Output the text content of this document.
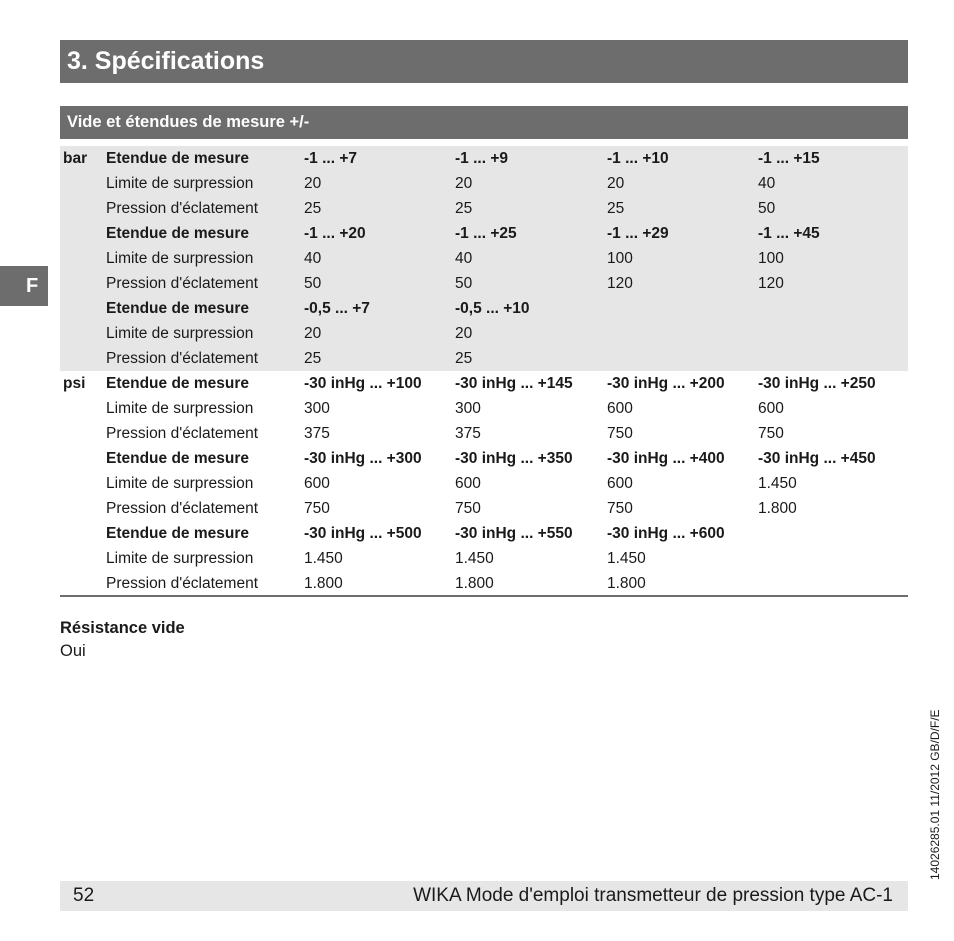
3. Spécifications
F
Vide et étendues de mesure +/-
bar	Etendue de mesure	-1 ... +7	-1 ... +9	-1 ... +10	-1 ... +15
	Limite de surpression	20	20	20	40
	Pression d'éclatement	25	25	25	50
	Etendue de mesure	-1 ... +20	-1 ... +25	-1 ... +29	-1 ... +45
	Limite de surpression	40	40	100	100
	Pression d'éclatement	50	50	120	120
	Etendue de mesure	-0,5 ... +7	-0,5 ... +10		
	Limite de surpression	20	20		
	Pression d'éclatement	25	25		
psi	Etendue de mesure	-30 inHg ... +100	-30 inHg ... +145	-30 inHg ... +200	-30 inHg ... +250
	Limite de surpression	300	300	600	600
	Pression d'éclatement	375	375	750	750
	Etendue de mesure	-30 inHg ... +300	-30 inHg ... +350	-30 inHg ... +400	-30 inHg ... +450
	Limite de surpression	600	600	600	1.450
	Pression d'éclatement	750	750	750	1.800
	Etendue de mesure	-30 inHg ... +500	-30 inHg ... +550	-30 inHg ... +600	
	Limite de surpression	1.450	1.450	1.450	
	Pression d'éclatement	1.800	1.800	1.800	
Résistance vide
Oui
14026285.01 11/2012 GB/D/F/E
52	WIKA Mode d'emploi transmetteur de pression type AC-1
